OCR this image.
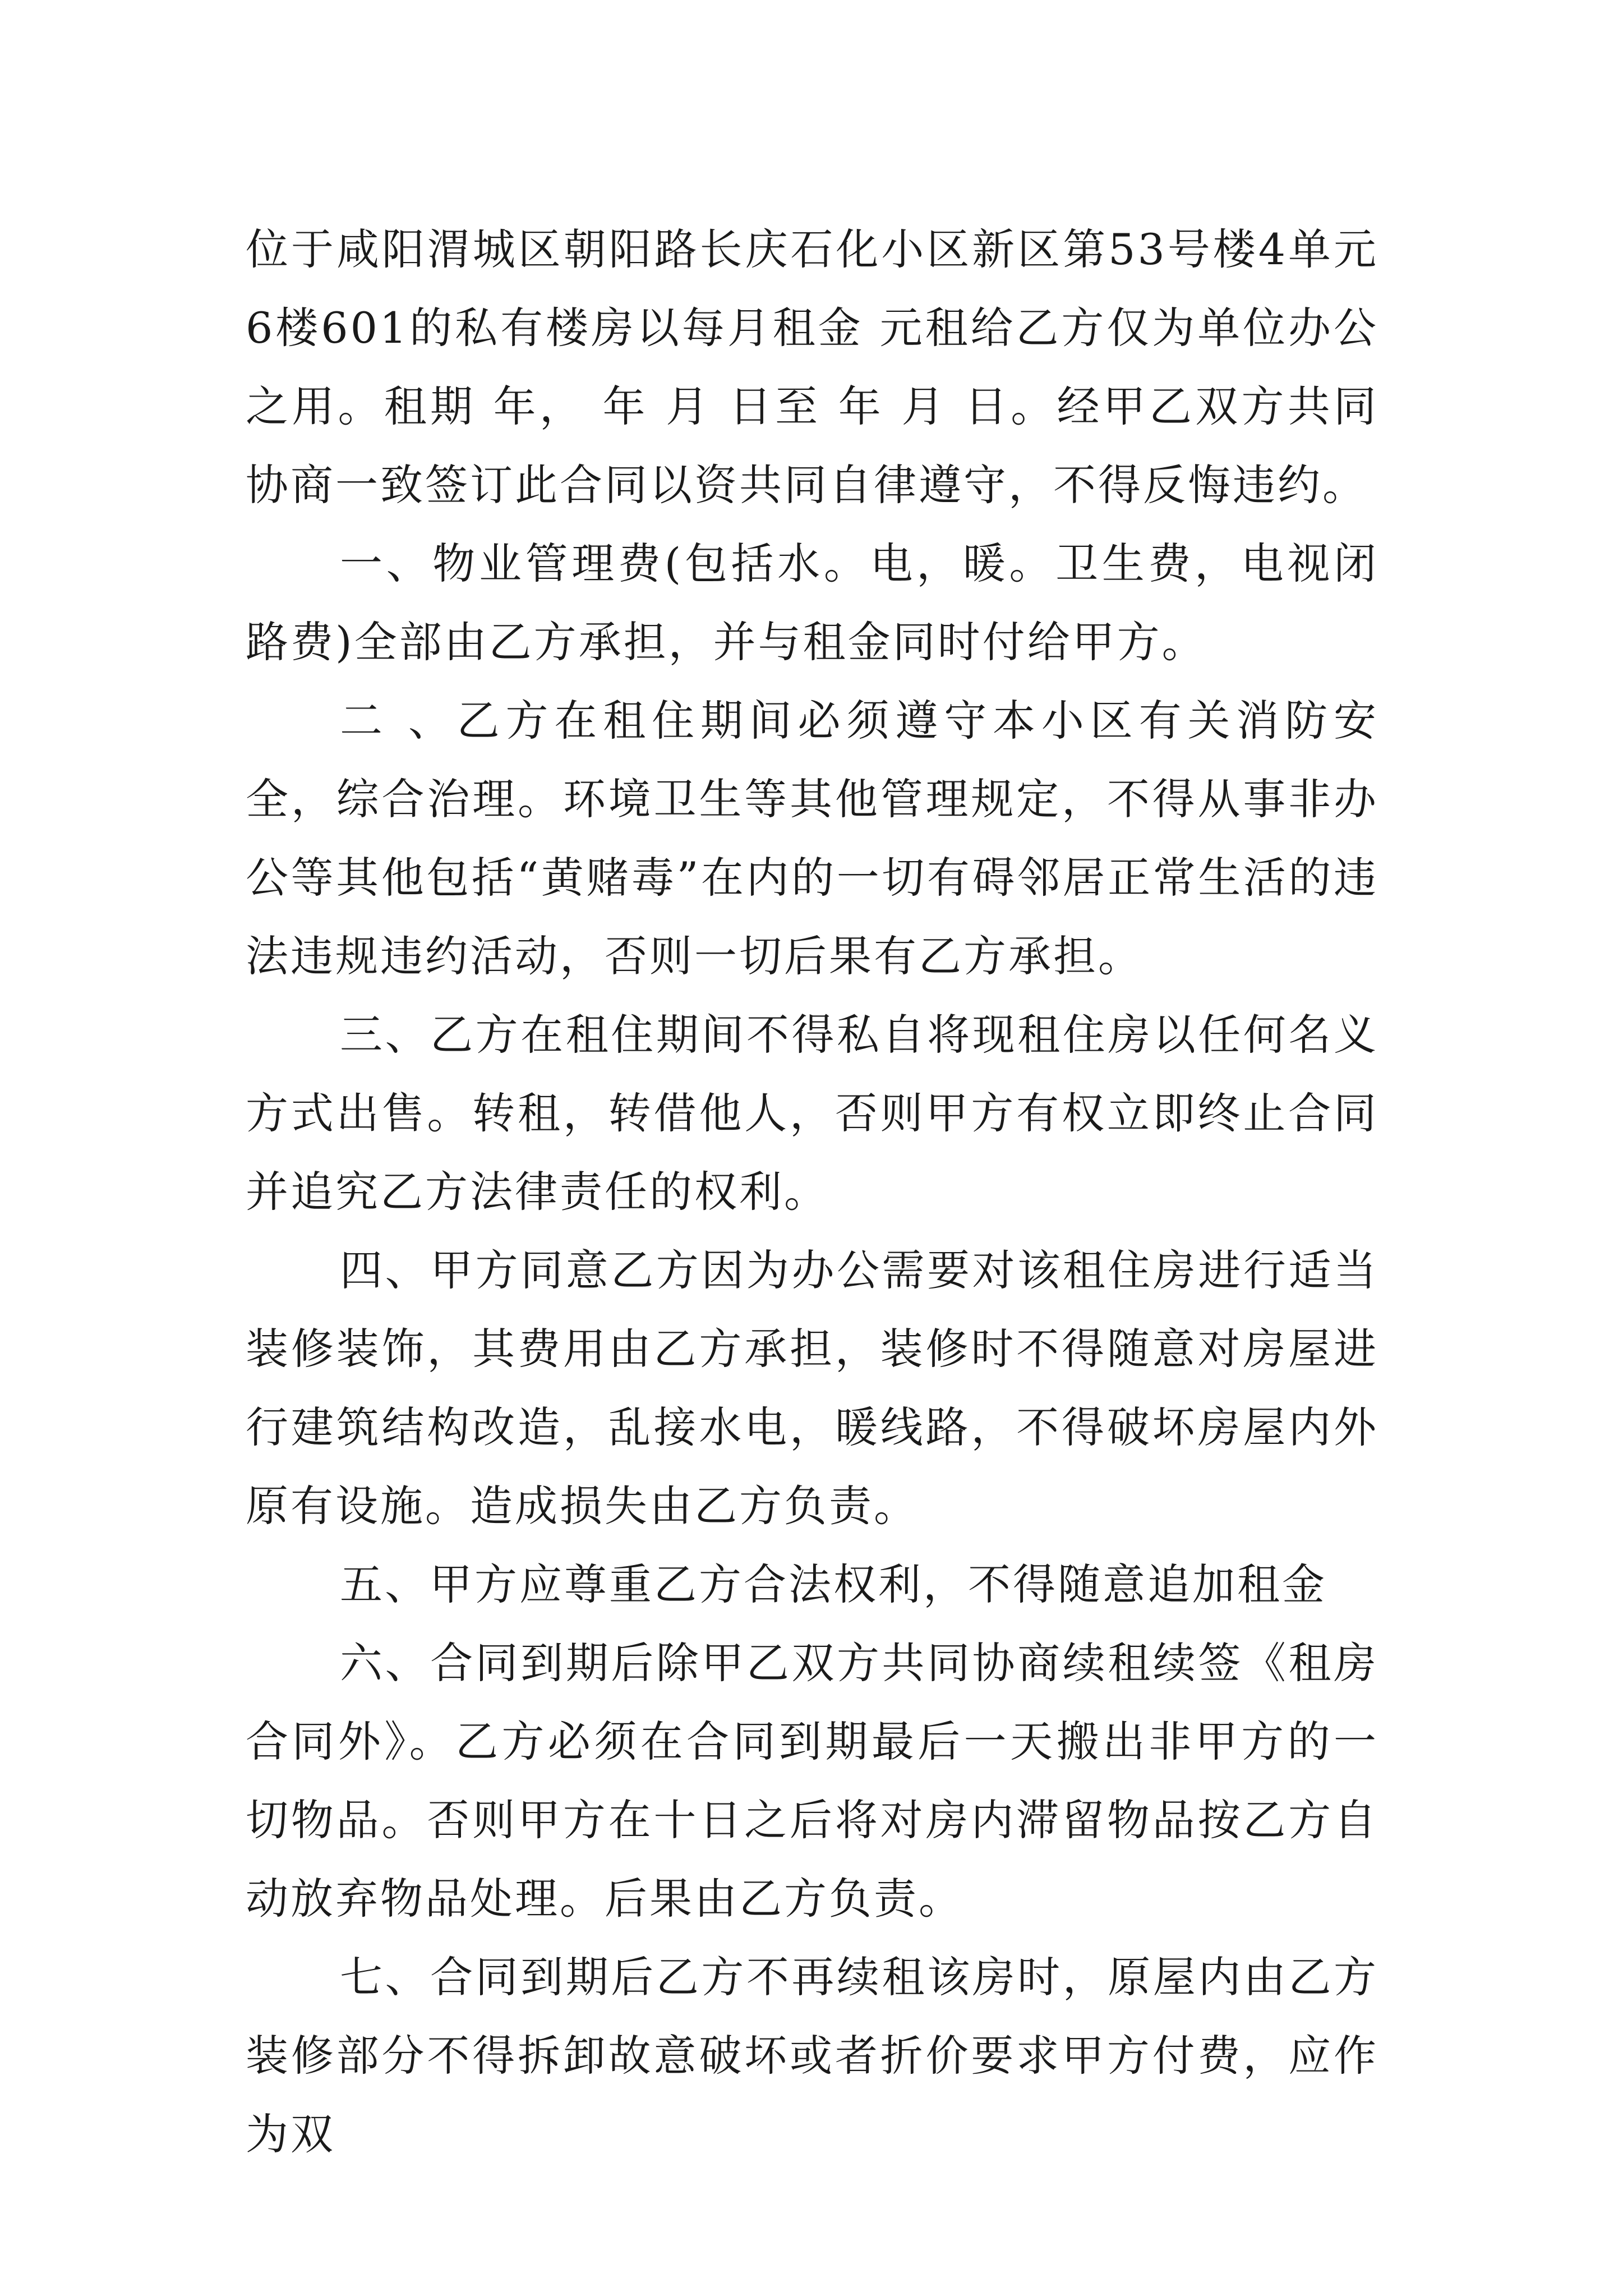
位于咸阳渭城区朝阳路长庆石化小区新区第53号楼4单元6楼601的私有楼房以每月租金 元租给乙方仅为单位办公 之用。租期 年， 年 月 日至 年 月 日。经甲乙双方共同协商一致签订此合同以资共同自律遵守，不得反悔违约。

一、物业管理费(包括水。电，暖。卫生费，电视闭路费)全部由乙方承担，并与租金同时付给甲方。

二 、乙方在租住期间必须遵守本小区有关消防安全，综合治理。环境卫生等其他管理规定，不得从事非办公等其他包括“黄赌毒”在内的一切有碍邻居正常生活的违法违规违约活动，否则一切后果有乙方承担。

三、乙方在租住期间不得私自将现租住房以任何名义方式出售。转租，转借他人，否则甲方有权立即终止合同并追究乙方法律责任的权利。

四、甲方同意乙方因为办公需要对该租住房进行适当装修装饰，其费用由乙方承担，装修时不得随意对房屋进行建筑结构改造，乱接水电，暖线路，不得破坏房屋内外原有设施。造成损失由乙方负责。

五、甲方应尊重乙方合法权利，不得随意追加租金

六、合同到期后除甲乙双方共同协商续租续签《租房合同外》。乙方必须在合同到期最后一天搬出非甲方的一切物品。否则甲方在十日之后将对房内滞留物品按乙方自动放弃物品处理。后果由乙方负责。

七、合同到期后乙方不再续租该房时，原屋内由乙方装修部分不得拆卸故意破坏或者折价要求甲方付费，应作为双
